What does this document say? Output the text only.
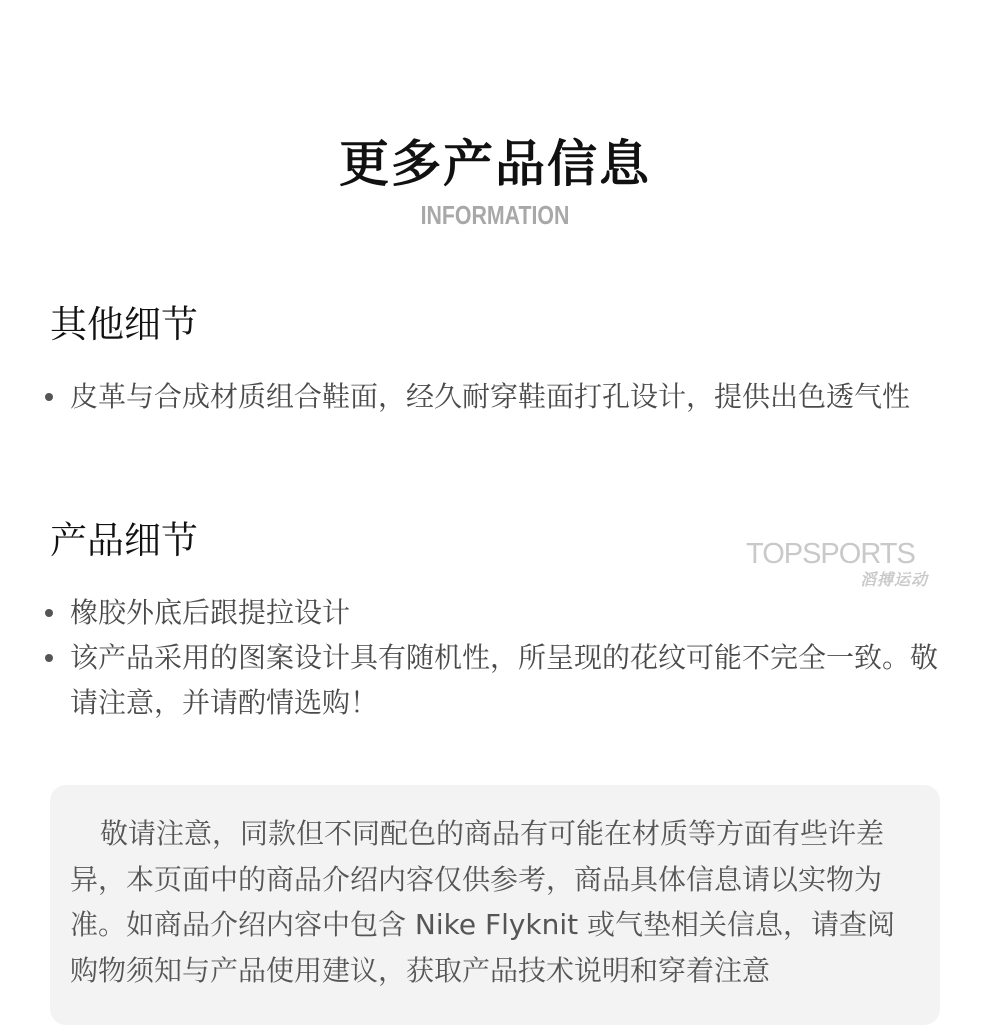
更多产品信息
INFORMATION
其他细节
皮革与合成材质组合鞋面，经久耐穿鞋面打孔设计，提供出色透气性
产品细节
橡胶外底后跟提拉设计
该产品采用的图案设计具有随机性，所呈现的花纹可能不完全一致。敬请注意，并请酌情选购！
TOPSPORTS
滔搏运动

敬请注意，同款但不同配色的商品有可能在材质等方面有些许差异，本页面中的商品介绍内容仅供参考，商品具体信息请以实物为准。如商品介绍内容中包含 Nike Flyknit 或气垫相关信息，请查阅购物须知与产品使用建议，获取产品技术说明和穿着注意
